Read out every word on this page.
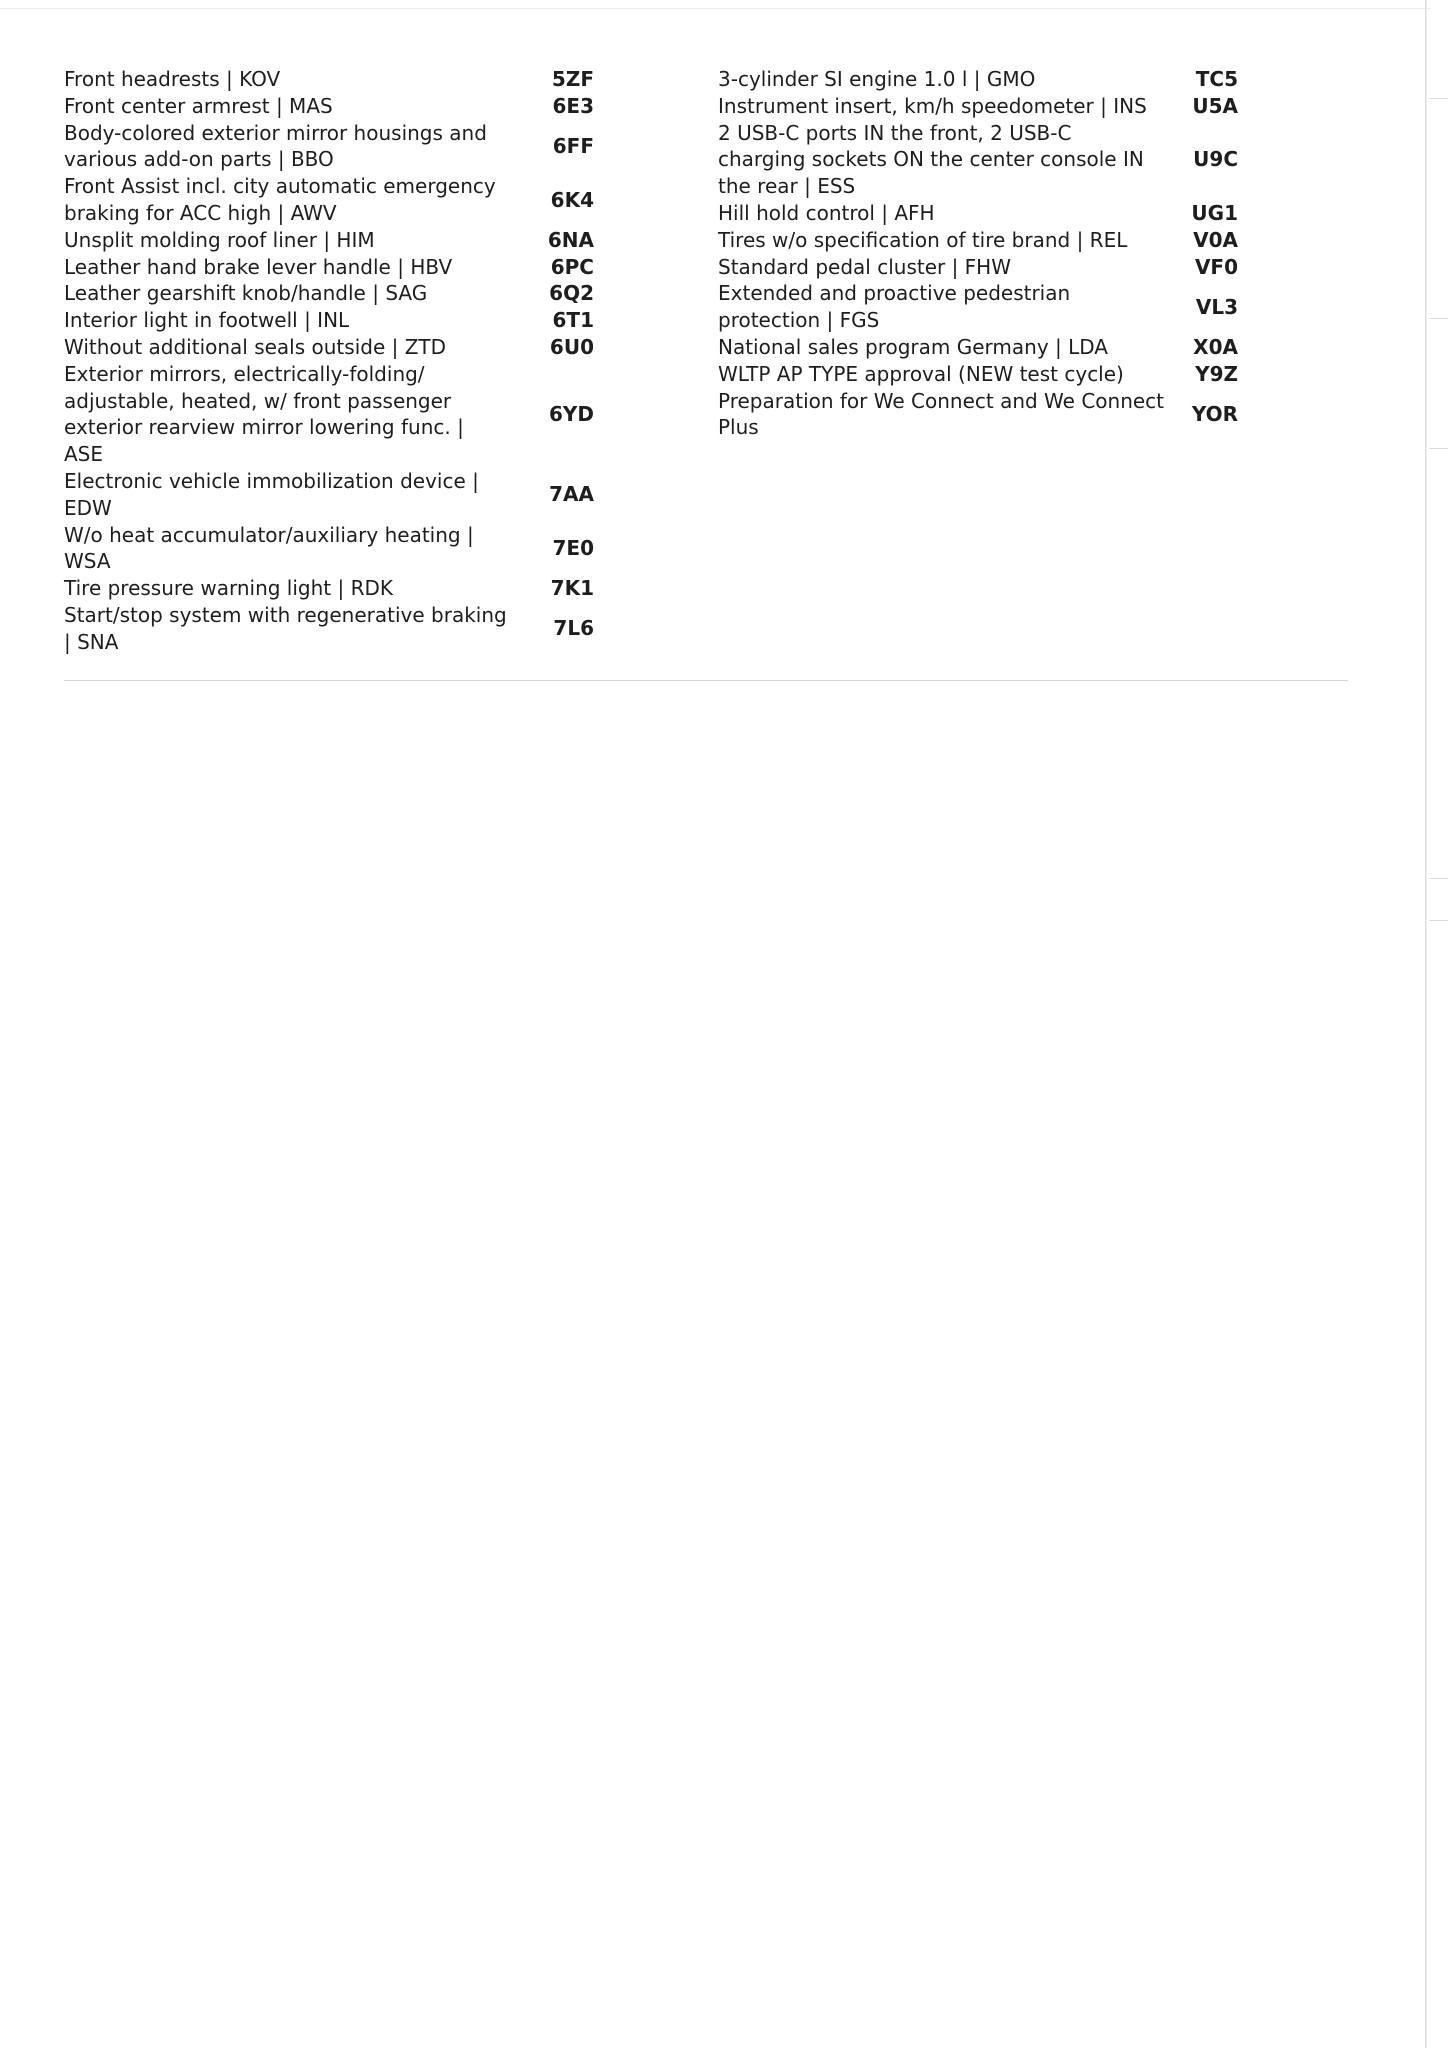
Front headrests | KOV	5ZF
Front center armrest | MAS	6E3
Body-colored exterior mirror housings and
various add-on parts | BBO
6FF
Front Assist incl. city automatic emergency
braking for ACC high | AWV
6K4
Unsplit molding roof liner | HIM	6NA
Leather hand brake lever handle | HBV	6PC
Leather gearshift knob/handle | SAG	6Q2
Interior light in footwell | INL	6T1
Without additional seals outside | ZTD	6U0
Exterior mirrors, electrically-folding/
adjustable, heated, w/ front passenger
exterior rearview mirror lowering func. |
ASE
6YD
Electronic vehicle immobilization device |
EDW
7AA
W/o heat accumulator/auxiliary heating |
WSA
7E0
Tire pressure warning light | RDK	7K1
Start/stop system with regenerative braking
| SNA
7L6
3-cylinder SI engine 1.0 l | GMO	TC5
Instrument insert, km/h speedometer | INS	U5A
2 USB-C ports IN the front, 2 USB-C
charging sockets ON the center console IN
the rear | ESS
U9C
Hill hold control | AFH	UG1
Tires w/o specification of tire brand | REL	V0A
Standard pedal cluster | FHW	VF0
Extended and proactive pedestrian
protection | FGS
VL3
National sales program Germany | LDA	X0A
WLTP AP TYPE approval (NEW test cycle)	Y9Z
Preparation for We Connect and We Connect
Plus
YOR
